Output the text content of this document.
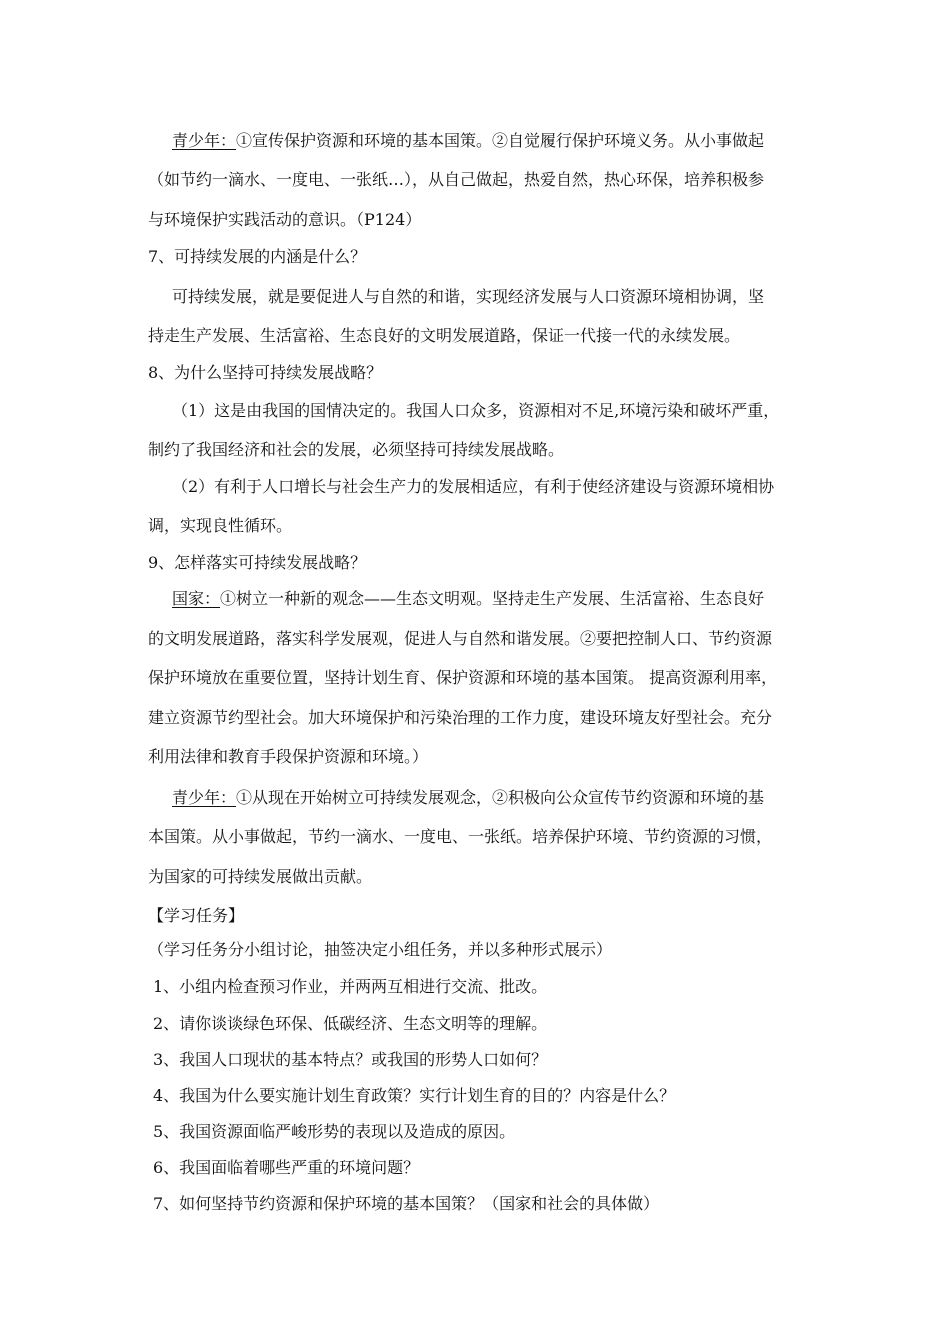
青少年：①宣传保护资源和环境的基本国策。②自觉履行保护环境义务。从小事做起
（如节约一滴水、一度电、一张纸…），从自己做起，热爱自然，热心环保，培养积极参
与环境保护实践活动的意识。（P124）
7、可持续发展的内涵是什么？
可持续发展，就是要促进人与自然的和谐，实现经济发展与人口资源环境相协调，坚
持走生产发展、生活富裕、生态良好的文明发展道路，保证一代接一代的永续发展。
8、为什么坚持可持续发展战略？
（1）这是由我国的国情决定的。我国人口众多，资源相对不足,环境污染和破坏严重，
制约了我国经济和社会的发展，必须坚持可持续发展战略。
（2）有利于人口增长与社会生产力的发展相适应，有利于使经济建设与资源环境相协
调，实现良性循环。
9、怎样落实可持续发展战略？
国家：①树立一种新的观念——生态文明观。坚持走生产发展、生活富裕、生态良好
的文明发展道路，落实科学发展观，促进人与自然和谐发展。②要把控制人口、节约资源
保护环境放在重要位置，坚持计划生育、保护资源和环境的基本国策。 提高资源利用率，
建立资源节约型社会。加大环境保护和污染治理的工作力度，建设环境友好型社会。充分
利用法律和教育手段保护资源和环境。）
青少年：①从现在开始树立可持续发展观念，②积极向公众宣传节约资源和环境的基
本国策。从小事做起，节约一滴水、一度电、一张纸。培养保护环境、节约资源的习惯，
为国家的可持续发展做出贡献。
【学习任务】
（学习任务分小组讨论，抽签决定小组任务，并以多种形式展示）
1、小组内检查预习作业，并两两互相进行交流、批改。
2、请你谈谈绿色环保、低碳经济、生态文明等的理解。
3、我国人口现状的基本特点？或我国的形势人口如何？
4、我国为什么要实施计划生育政策？实行计划生育的目的？内容是什么？
5、我国资源面临严峻形势的表现以及造成的原因。
6、我国面临着哪些严重的环境问题？
7、如何坚持节约资源和保护环境的基本国策？（国家和社会的具体做）
